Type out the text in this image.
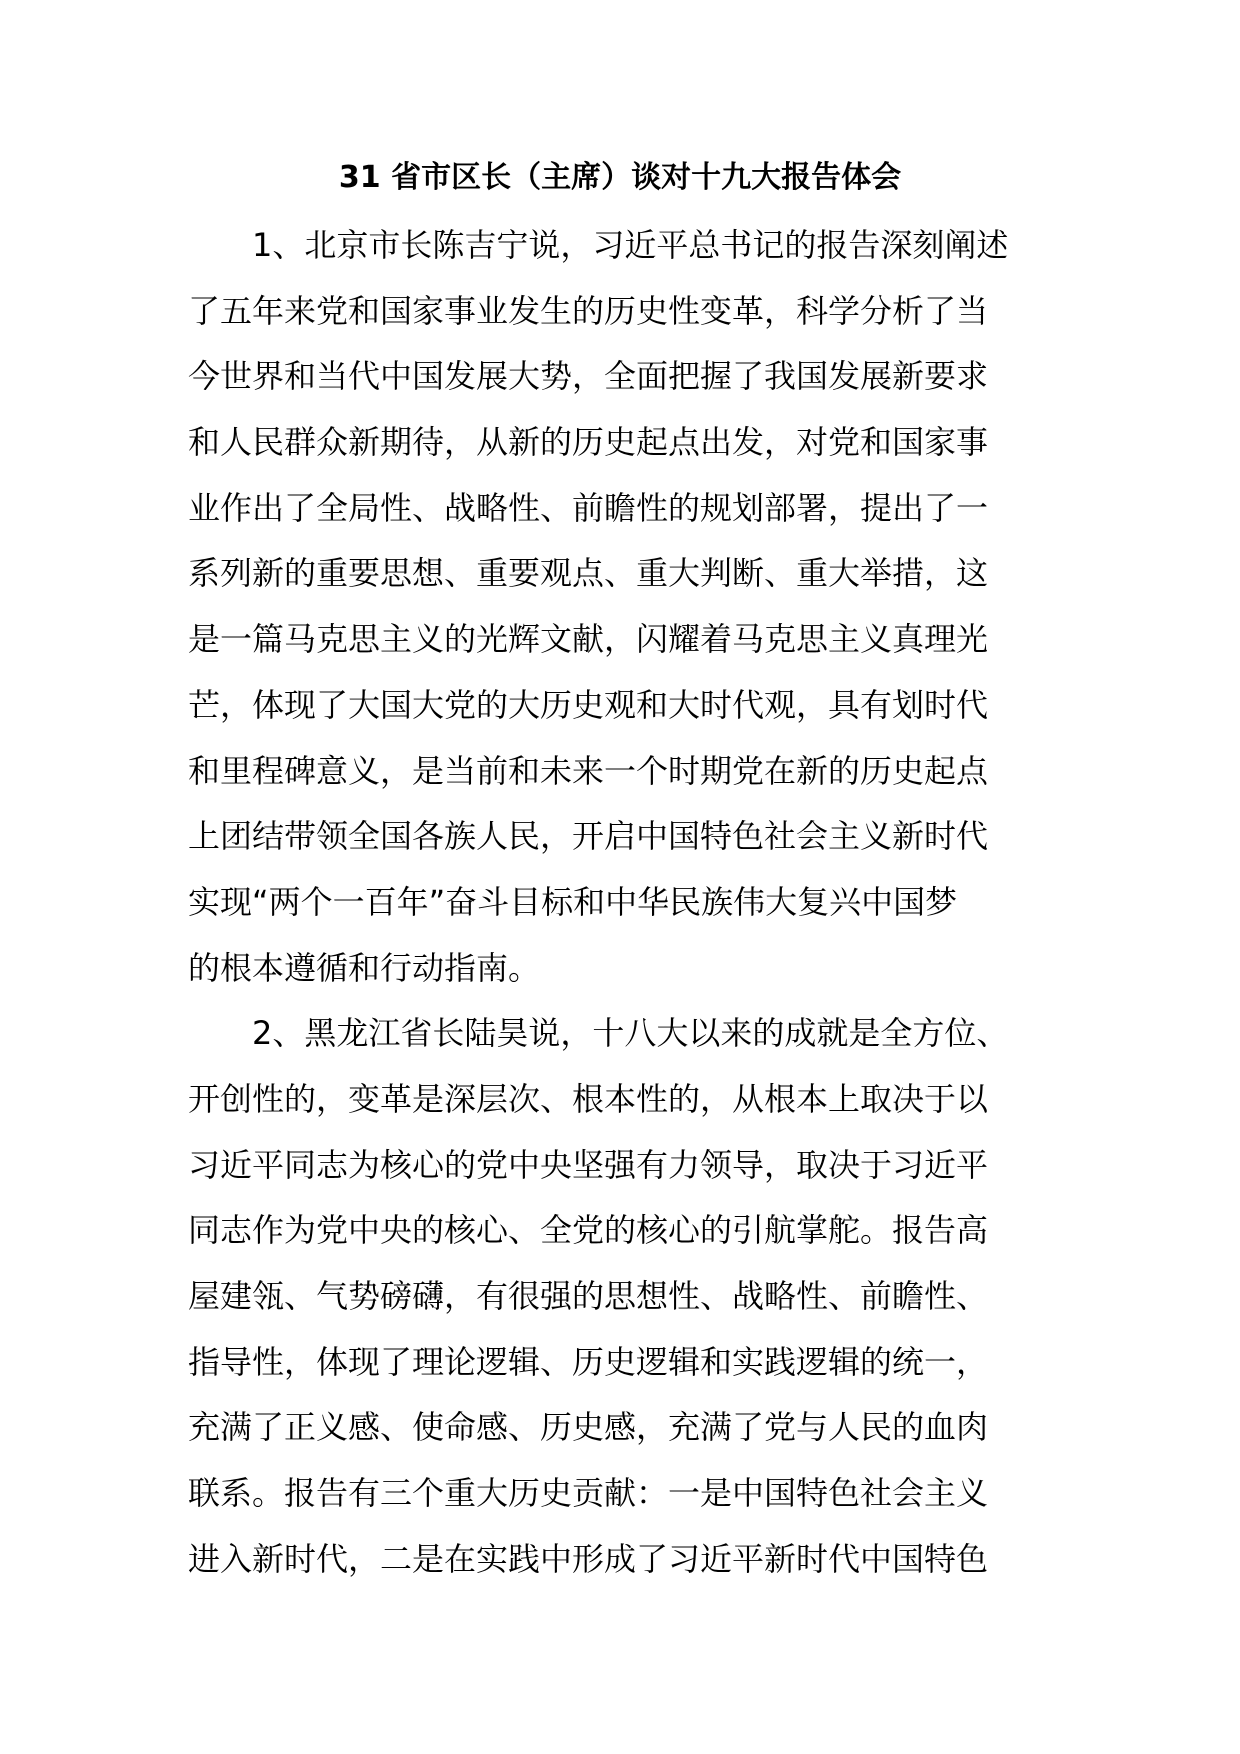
31 省市区长（主席）谈对十九大报告体会
1、北京市长陈吉宁说，习近平总书记的报告深刻阐述
了五年来党和国家事业发生的历史性变革，科学分析了当
今世界和当代中国发展大势，全面把握了我国发展新要求
和人民群众新期待，从新的历史起点出发，对党和国家事
业作出了全局性、战略性、前瞻性的规划部署，提出了一
系列新的重要思想、重要观点、重大判断、重大举措，这
是一篇马克思主义的光辉文献，闪耀着马克思主义真理光
芒，体现了大国大党的大历史观和大时代观，具有划时代
和里程碑意义，是当前和未来一个时期党在新的历史起点
上团结带领全国各族人民，开启中国特色社会主义新时代
实现“两个一百年”奋斗目标和中华民族伟大复兴中国梦
的根本遵循和行动指南。
2、黑龙江省长陆昊说，十八大以来的成就是全方位、
开创性的，变革是深层次、根本性的，从根本上取决于以
习近平同志为核心的党中央坚强有力领导，取决于习近平
同志作为党中央的核心、全党的核心的引航掌舵。报告高
屋建瓴、气势磅礴，有很强的思想性、战略性、前瞻性、
指导性，体现了理论逻辑、历史逻辑和实践逻辑的统一，
充满了正义感、使命感、历史感，充满了党与人民的血肉
联系。报告有三个重大历史贡献：一是中国特色社会主义
进入新时代，二是在实践中形成了习近平新时代中国特色
